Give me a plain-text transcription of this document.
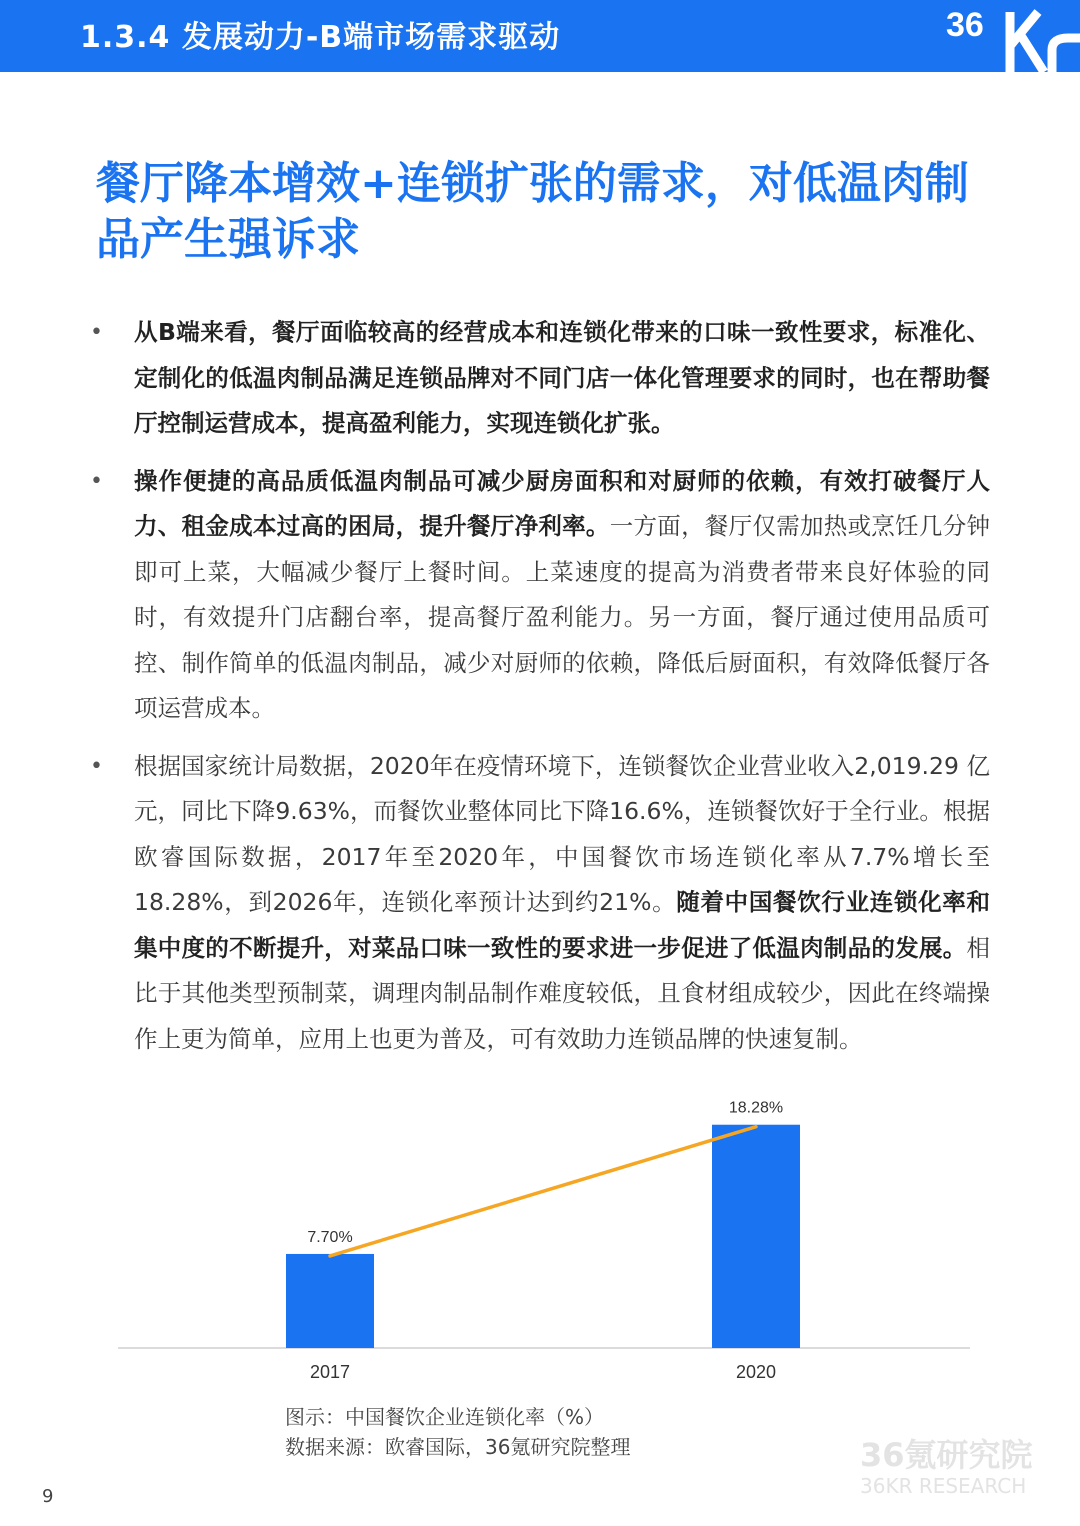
1.3.4 发展动力-B端市场需求驱动	36
餐厅降本增效+连锁扩张的需求，对低温肉制品产生强诉求
• 从B端来看，餐厅面临较高的经营成本和连锁化带来的口味一致性要求，标准化、定制化的低温肉制品满足连锁品牌对不同门店一体化管理要求的同时，也在帮助餐厅控制运营成本，提高盈利能力，实现连锁化扩张。
• 操作便捷的高品质低温肉制品可减少厨房面积和对厨师的依赖，有效打破餐厅人力、租金成本过高的困局，提升餐厅净利率。一方面，餐厅仅需加热或烹饪几分钟即可上菜，大幅减少餐厅上餐时间。上菜速度的提高为消费者带来良好体验的同时，有效提升门店翻台率，提高餐厅盈利能力。另一方面，餐厅通过使用品质可控、制作简单的低温肉制品，减少对厨师的依赖，降低后厨面积，有效降低餐厅各项运营成本。
• 根据国家统计局数据，2020年在疫情环境下，连锁餐饮企业营业收入2,019.29 亿元，同比下降9.63%，而餐饮业整体同比下降16.6%，连锁餐饮好于全行业。根据欧睿国际数据，2017年至2020年，中国餐饮市场连锁化率从7.7%增长至18.28%，到2026年，连锁化率预计达到约21%。随着中国餐饮行业连锁化率和集中度的不断提升，对菜品口味一致性的要求进一步促进了低温肉制品的发展。相比于其他类型预制菜，调理肉制品制作难度较低，且食材组成较少，因此在终端操作上更为简单，应用上也更为普及，可有效助力连锁品牌的快速复制。
7.70%
2017
18.28%
2020
图示：中国餐饮企业连锁化率（%）
数据来源：欧睿国际，36氪研究院整理	36氪研究院
36KR RESEARCH
9
